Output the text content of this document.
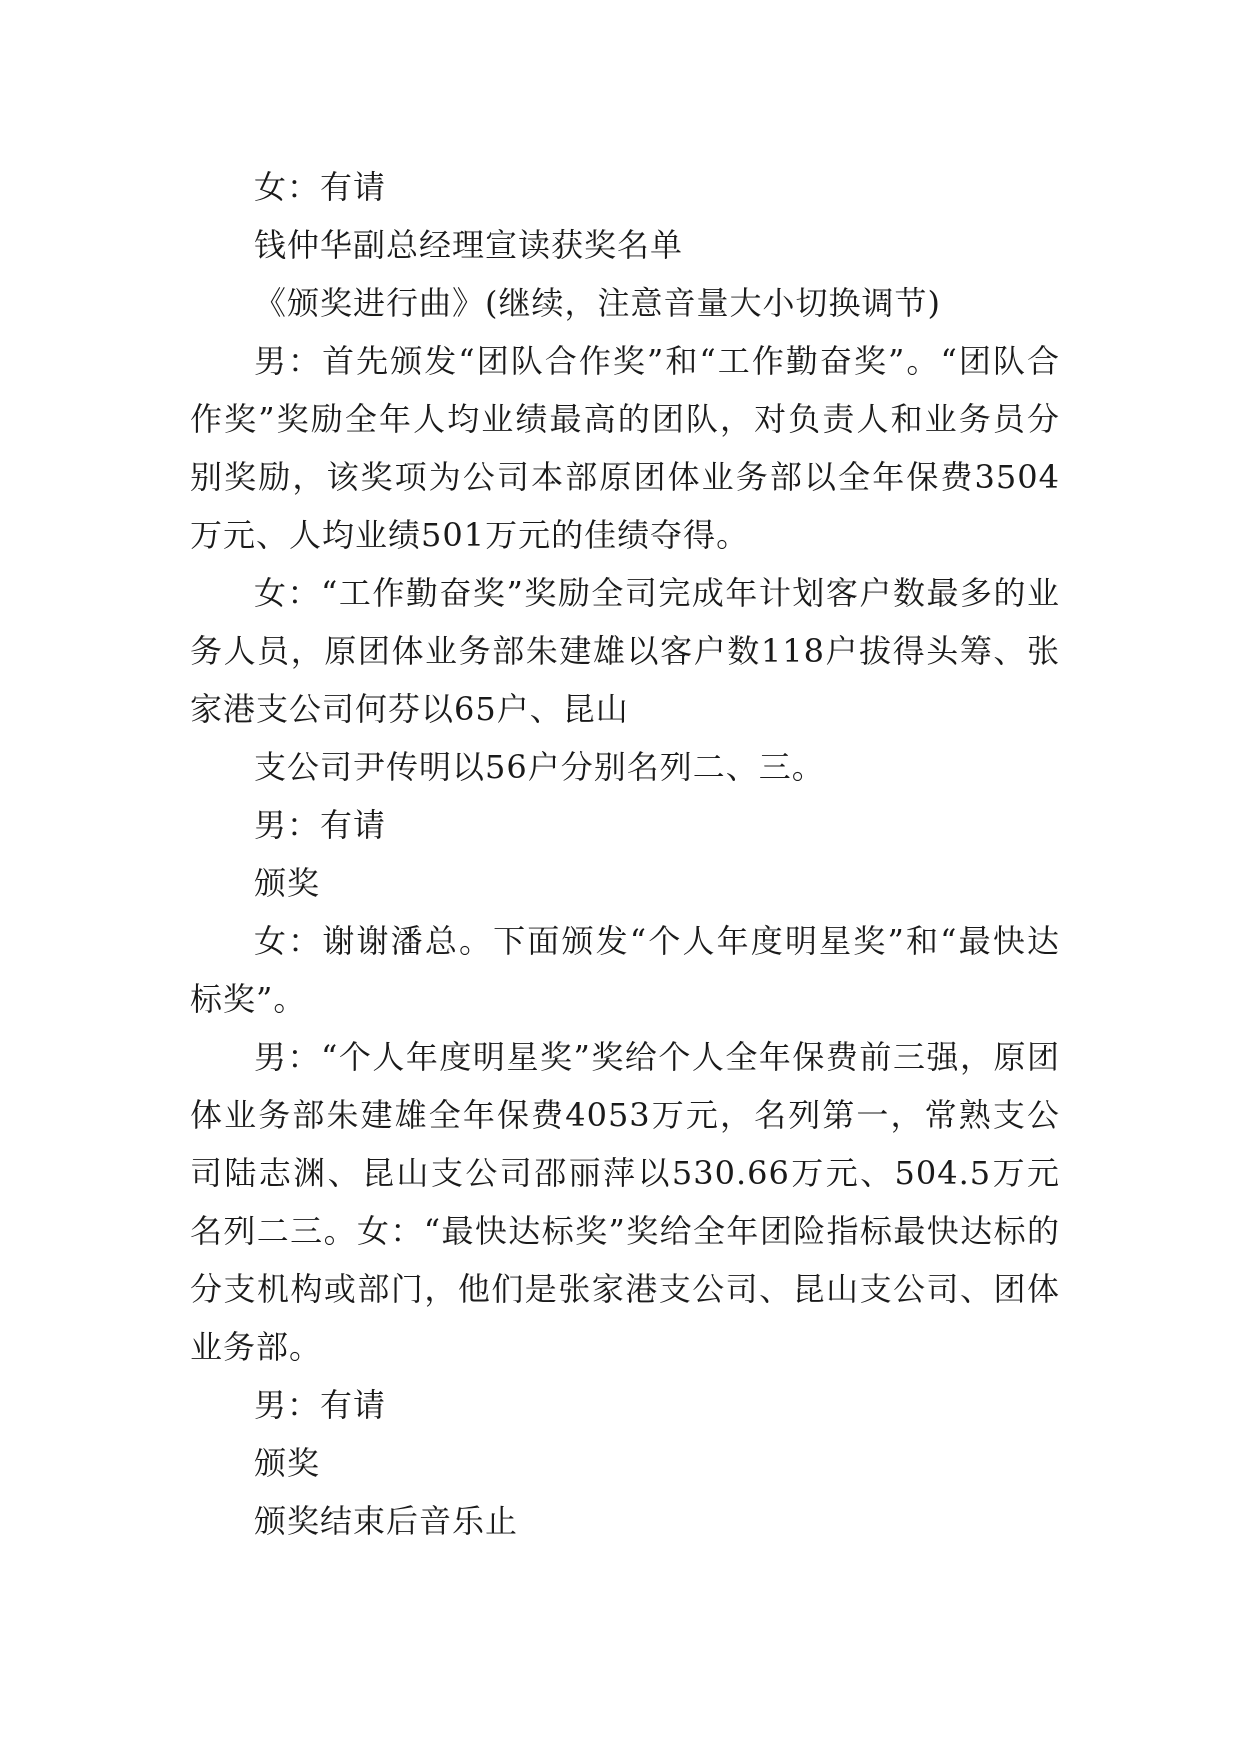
女：有请

钱仲华副总经理宣读获奖名单

《颁奖进行曲》(继续，注意音量大小切换调节)

男：首先颁发“团队合作奖”和“工作勤奋奖”。“团队合作奖”奖励全年人均业绩最高的团队，对负责人和业务员分别奖励，该奖项为公司本部原团体业务部以全年保费3504万元、人均业绩501万元的佳绩夺得。

女：“工作勤奋奖”奖励全司完成年计划客户数最多的业务人员，原团体业务部朱建雄以客户数118户拔得头筹、张家港支公司何芬以65户、昆山

支公司尹传明以56户分别名列二、三。

男：有请

颁奖

女：谢谢潘总。下面颁发“个人年度明星奖”和“最快达标奖”。

男：“个人年度明星奖”奖给个人全年保费前三强，原团体业务部朱建雄全年保费4053万元，名列第一，常熟支公司陆志渊、昆山支公司邵丽萍以530.66万元、504.5万元名列二三。女：“最快达标奖”奖给全年团险指标最快达标的分支机构或部门，他们是张家港支公司、昆山支公司、团体业务部。

男：有请

颁奖

颁奖结束后音乐止
